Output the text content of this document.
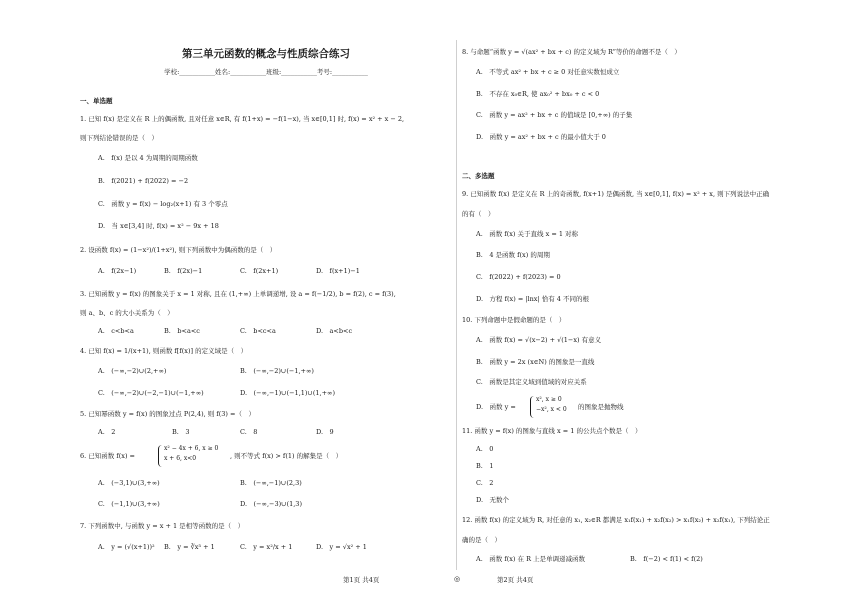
第三单元函数的概念与性质综合练习
学校:___________姓名:___________班级:___________考号:___________
一、单选题
1. 已知 f(x) 是定义在 R 上的偶函数, 且对任意 x∈R, 有 f(1+x) = −f(1−x), 当 x∈[0,1] 时, f(x) = x² + x − 2,
则下列结论错误的是（　）
A.　f(x) 是以 4 为周期的周期函数
B.　f(2021) + f(2022) = −2
C.　函数 y = f(x) − log₂(x+1) 有 3 个零点
D.　当 x∈[3,4] 时, f(x) = x² − 9x + 18
2. 设函数 f(x) = (1−x²)/(1+x²), 则下列函数中为偶函数的是（　）
A.　f(2x−1)	B.　f(2x)−1	C.　f(2x+1)	D.　f(x+1)−1
3. 已知函数 y = f(x) 的图象关于 x = 1 对称, 且在 (1,+∞) 上单调递增, 设 a = f(−1/2), b = f(2), c = f(3),
则 a、b、c 的大小关系为（　）
A.　c<b<a	B.　b<a<c	C.　b<c<a	D.　a<b<c
4. 已知 f(x) = 1/(x+1), 则函数 f[f(x)] 的定义域是（　）
A.　(−∞,−2)∪(2,+∞)	B.　(−∞,−2)∪(−1,+∞)
C.　(−∞,−2)∪(−2,−1)∪(−1,+∞)	D.　(−∞,−1)∪(−1,1)∪(1,+∞)
5. 已知幂函数 y = f(x) 的图象过点 P(2,4), 则 f(3) =（　）
A.　2	B.　3	C.　8	D.　9
6. 已知函数 f(x) =
x² − 4x + 6, x ≥ 0
x + 6, x<0	, 则不等式 f(x) > f(1) 的解集是（　）
A.　(−3,1)∪(3,+∞)	B.　(−∞,−1)∪(2,3)
C.　(−1,1)∪(3,+∞)	D.　(−∞,−3)∪(1,3)
7. 下列函数中, 与函数 y = x + 1 是相等函数的是（　）
A.　y = (√(x+1))² B.　y = ∛x³ + 1	C.　y = x²/x + 1	D.　y = √x² + 1
8. 与命题“函数 y = √(ax² + bx + c) 的定义域为 R”等价的命题不是（　）
A.　不等式 ax² + bx + c ≥ 0 对任意实数恒成立
B.　不存在 x₀∈R, 使 ax₀² + bx₀ + c < 0
C.　函数 y = ax² + bx + c 的值域是 [0,+∞) 的子集
D.　函数 y = ax² + bx + c 的最小值大于 0
二、多选题
9. 已知函数 f(x) 是定义在 R 上的奇函数, f(x+1) 是偶函数, 当 x∈[0,1], f(x) = x² + x, 则下列说法中正确
的有（　）
A.　函数 f(x) 关于直线 x = 1 对称
B.　4 是函数 f(x) 的周期
C.　f(2022) + f(2023) = 0
D.　方程 f(x) = |lnx| 恰有 4 不同的根
10. 下列命题中是假命题的是（　）
A.　函数 f(x) = √(x−2) + √(1−x) 有意义
B.　函数 y = 2x (x∈N) 的图象是一直线
C.　函数是其定义域到值域的对应关系
D.　函数 y =
x², x ≥ 0
−x², x < 0 的图象是抛物线
11. 函数 y = f(x) 的图象与直线 x = 1 的公共点个数是（　）
A.　0
B.　1
C.　2
D.　无数个
12. 函数 f(x) 的定义域为 R, 对任意的 x₁, x₂∈R 都满足 x₁f(x₁) + x₂f(x₂) > x₁f(x₂) + x₂f(x₁), 下列结论正
确的是（　）
A.　函数 f(x) 在 R 上是单调递减函数	B.　f(−2) < f(1) < f(2)
第1页 共4页	◎	第2页 共4页
